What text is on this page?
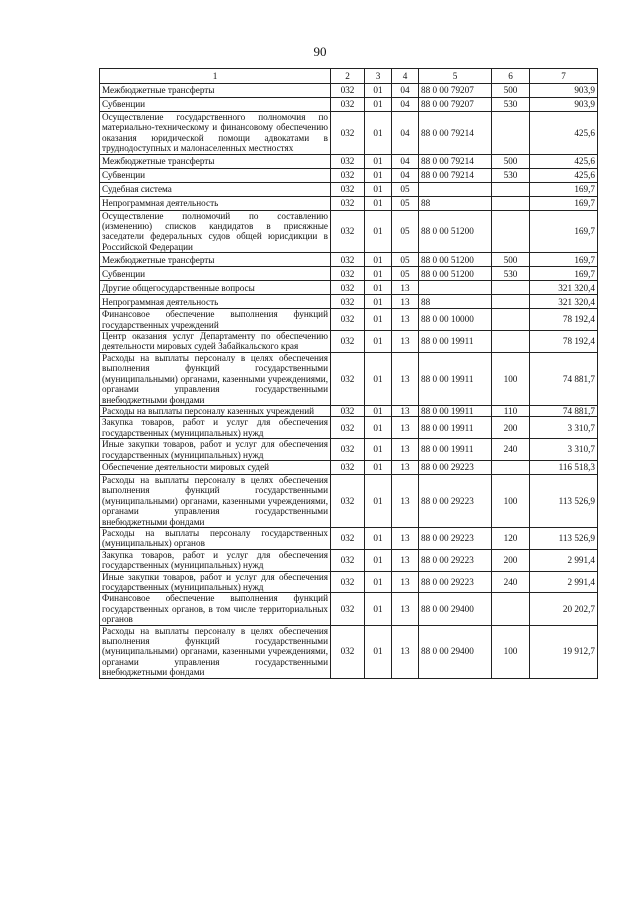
90
1	2	3	4	5	6	7
Межбюджетные трансферты	032	01	04	88 0 00 79207	500	903,9
Субвенции	032	01	04	88 0 00 79207	530	903,9
Осуществление государственного полномочия по материально-техническому и финансовому обеспечению оказания юридической помощи адвокатами в труднодоступных и малонаселенных местностях	032	01	04	88 0 00 79214		425,6
Межбюджетные трансферты	032	01	04	88 0 00 79214	500	425,6
Субвенции	032	01	04	88 0 00 79214	530	425,6
Судебная система	032	01	05			169,7
Непрограммная деятельность	032	01	05	88		169,7
Осуществление полномочий по составлению (изменению) списков кандидатов в присяжные заседатели федеральных судов общей юрисдикции в Российской Федерации	032	01	05	88 0 00 51200		169,7
Межбюджетные трансферты	032	01	05	88 0 00 51200	500	169,7
Субвенции	032	01	05	88 0 00 51200	530	169,7
Другие общегосударственные вопросы	032	01	13			321 320,4
Непрограммная деятельность	032	01	13	88		321 320,4
Финансовое обеспечение выполнения функций государственных учреждений	032	01	13	88 0 00 10000		78 192,4
Центр оказания услуг Департаменту по обеспечению деятельности мировых судей Забайкальского края	032	01	13	88 0 00 19911		78 192,4
Расходы на выплаты персоналу в целях обеспечения выполнения функций государственными (муниципальными) органами, казенными учреждениями, органами управления государственными внебюджетными фондами	032	01	13	88 0 00 19911	100	74 881,7
Расходы на выплаты персоналу казенных учреждений	032	01	13	88 0 00 19911	110	74 881,7
Закупка товаров, работ и услуг для обеспечения государственных (муниципальных) нужд	032	01	13	88 0 00 19911	200	3 310,7
Иные закупки товаров, работ и услуг для обеспечения государственных (муниципальных) нужд	032	01	13	88 0 00 19911	240	3 310,7
Обеспечение деятельности мировых судей	032	01	13	88 0 00 29223		116 518,3
Расходы на выплаты персоналу в целях обеспечения выполнения функций государственными (муниципальными) органами, казенными учреждениями, органами управления государственными внебюджетными фондами	032	01	13	88 0 00 29223	100	113 526,9
Расходы на выплаты персоналу государственных (муниципальных) органов	032	01	13	88 0 00 29223	120	113 526,9
Закупка товаров, работ и услуг для обеспечения государственных (муниципальных) нужд	032	01	13	88 0 00 29223	200	2 991,4
Иные закупки товаров, работ и услуг для обеспечения государственных (муниципальных) нужд	032	01	13	88 0 00 29223	240	2 991,4
Финансовое обеспечение выполнения функций государственных органов, в том числе территориальных органов	032	01	13	88 0 00 29400		20 202,7
Расходы на выплаты персоналу в целях обеспечения выполнения функций государственными (муниципальными) органами, казенными учреждениями, органами управления государственными внебюджетными фондами	032	01	13	88 0 00 29400	100	19 912,7
